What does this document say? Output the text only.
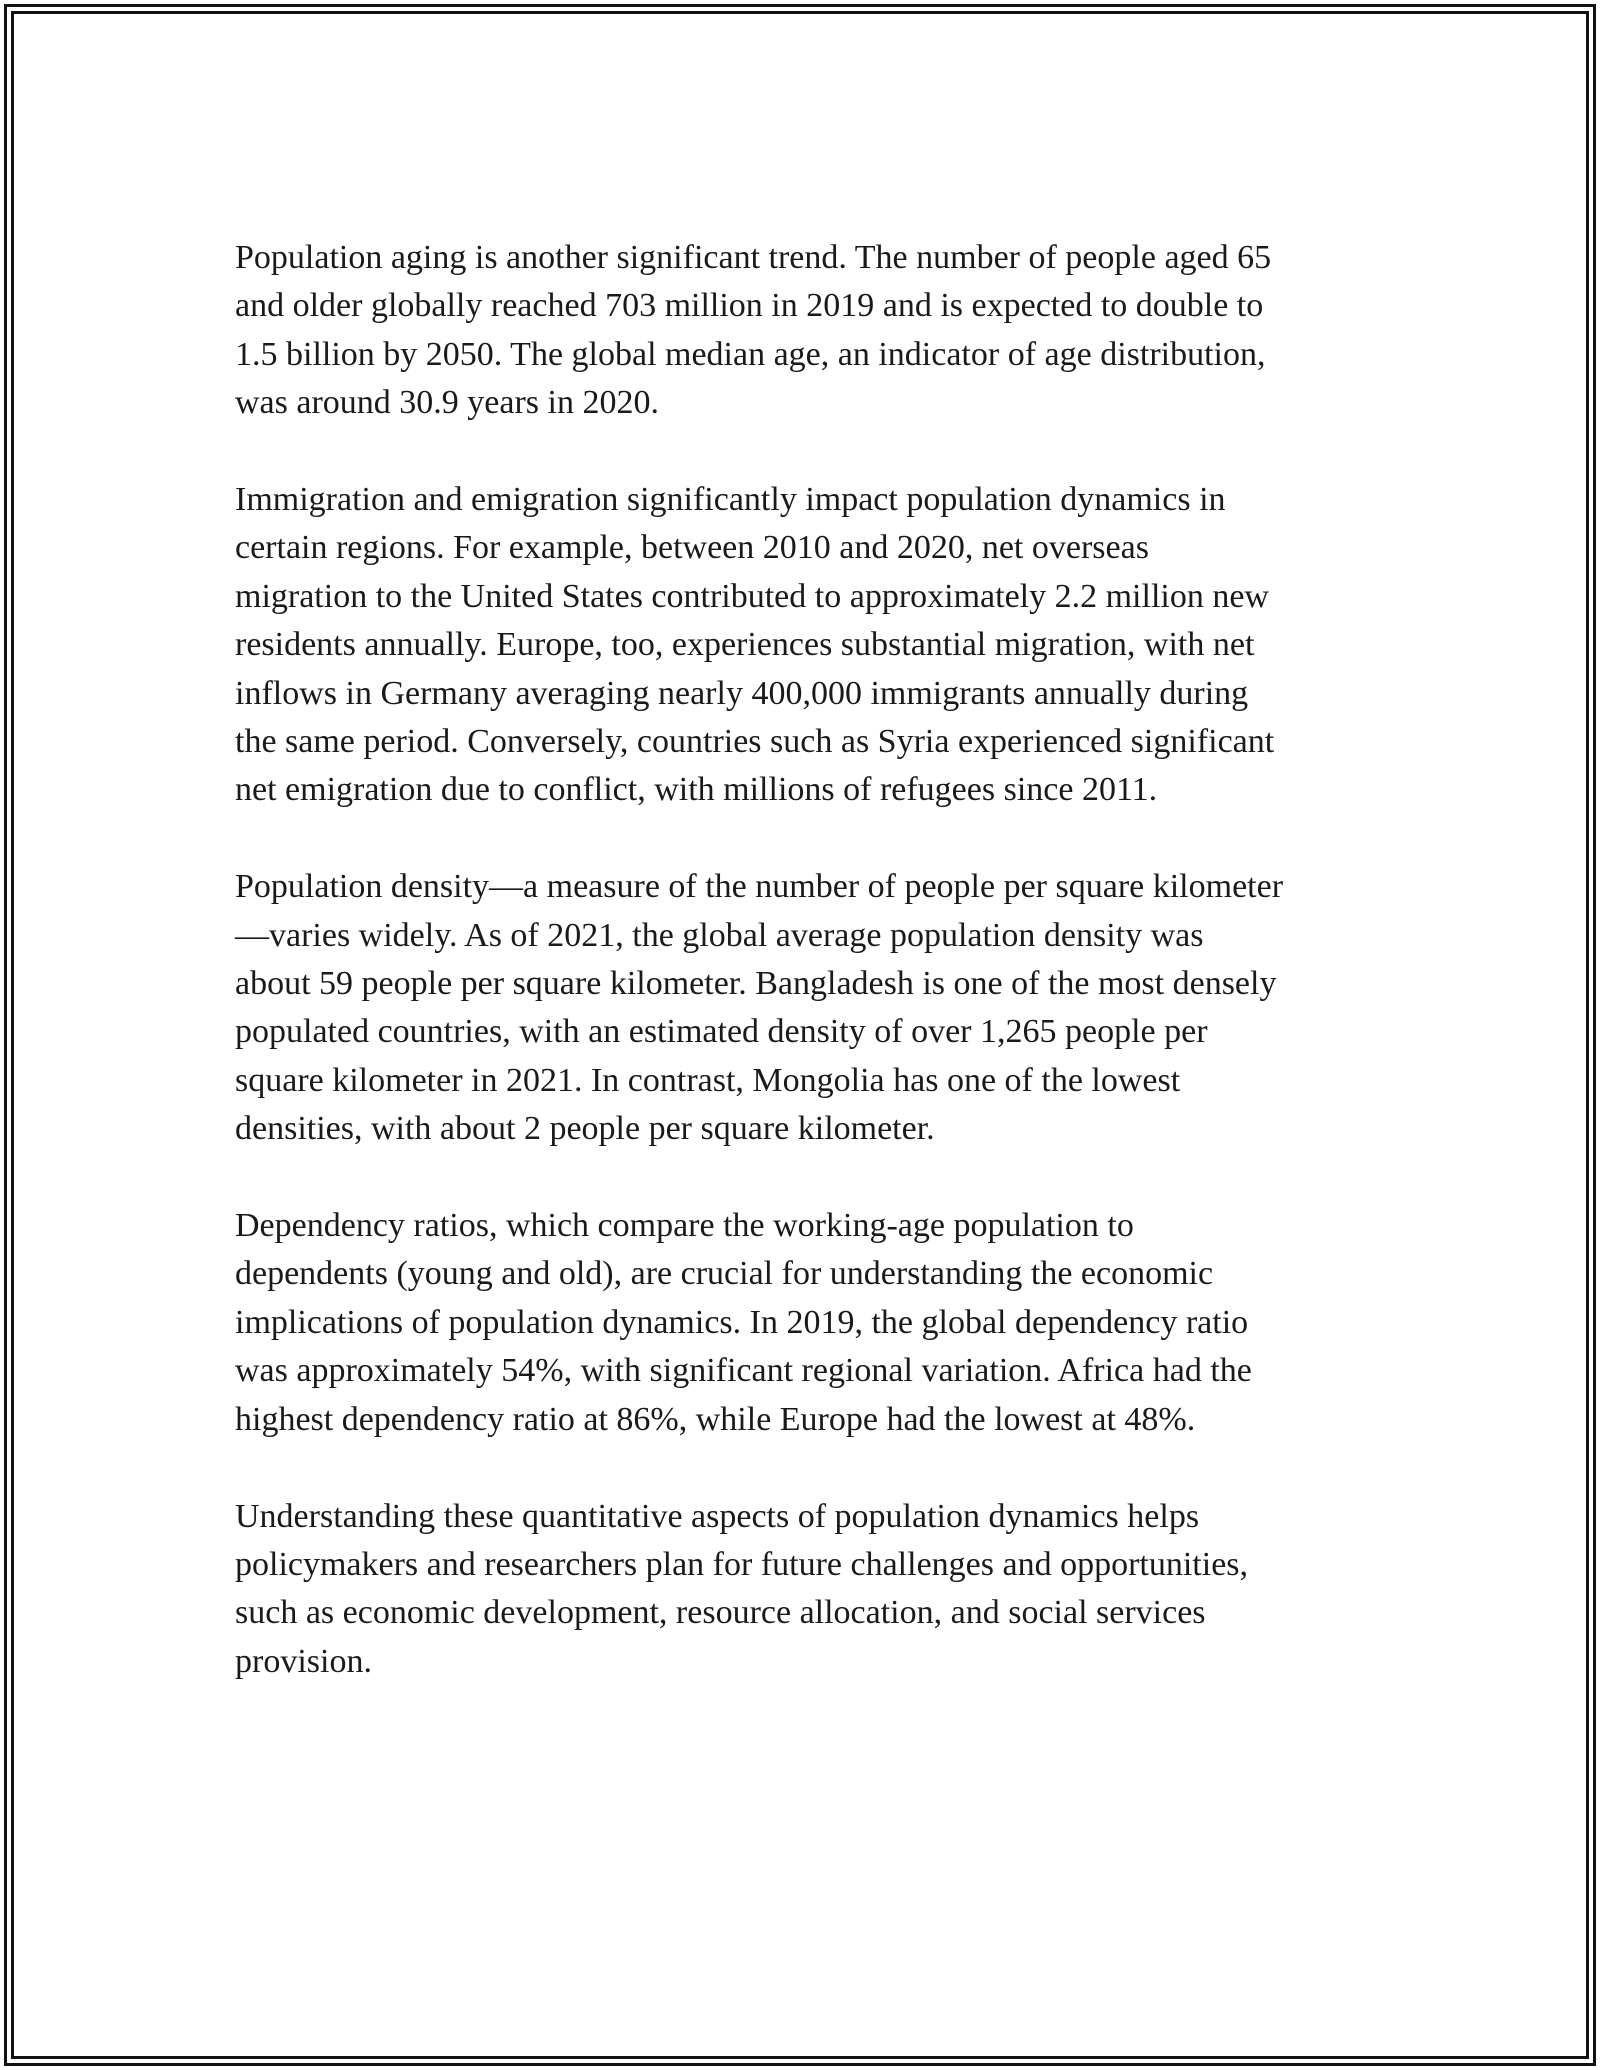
Population aging is another significant trend. The number of people aged 65
and older globally reached 703 million in 2019 and is expected to double to
1.5 billion by 2050. The global median age, an indicator of age distribution,
was around 30.9 years in 2020.

Immigration and emigration significantly impact population dynamics in
certain regions. For example, between 2010 and 2020, net overseas
migration to the United States contributed to approximately 2.2 million new
residents annually. Europe, too, experiences substantial migration, with net
inflows in Germany averaging nearly 400,000 immigrants annually during
the same period. Conversely, countries such as Syria experienced significant
net emigration due to conflict, with millions of refugees since 2011.

Population density—a measure of the number of people per square kilometer
—varies widely. As of 2021, the global average population density was
about 59 people per square kilometer. Bangladesh is one of the most densely
populated countries, with an estimated density of over 1,265 people per
square kilometer in 2021. In contrast, Mongolia has one of the lowest
densities, with about 2 people per square kilometer.

Dependency ratios, which compare the working-age population to
dependents (young and old), are crucial for understanding the economic
implications of population dynamics. In 2019, the global dependency ratio
was approximately 54%, with significant regional variation. Africa had the
highest dependency ratio at 86%, while Europe had the lowest at 48%.

Understanding these quantitative aspects of population dynamics helps
policymakers and researchers plan for future challenges and opportunities,
such as economic development, resource allocation, and social services
provision.
